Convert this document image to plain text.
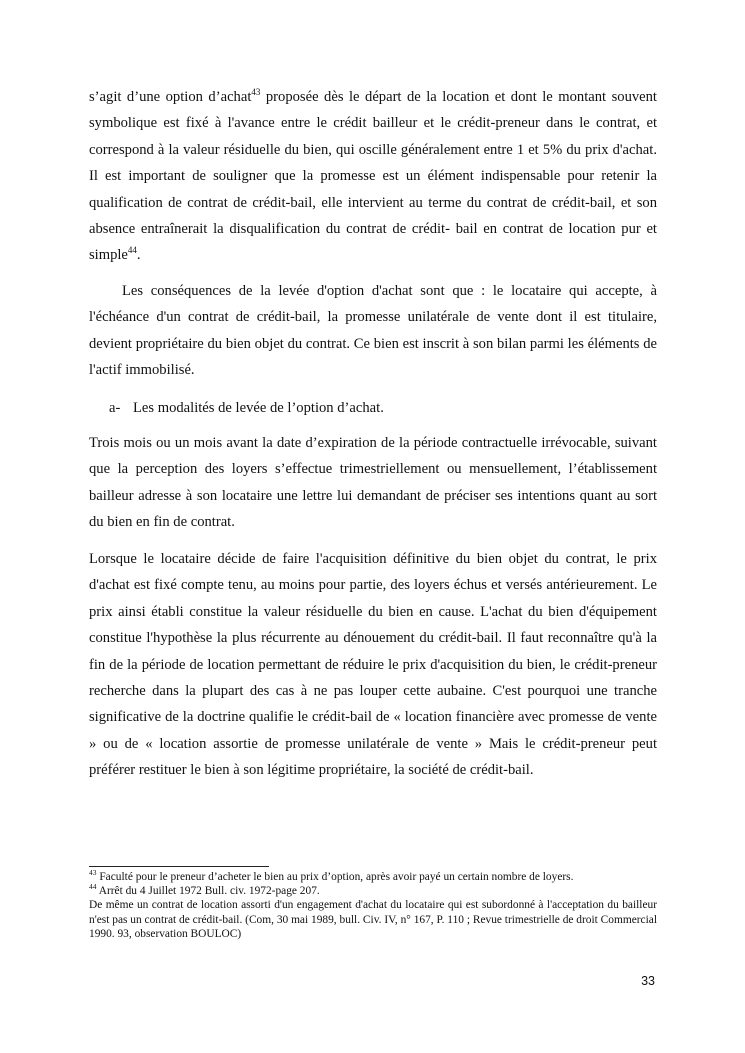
s’agit d’une option d’achat$^{43}$ proposée dès le départ de la location et dont le montant souvent symbolique est fixé à l'avance entre le crédit bailleur et le crédit-preneur dans le contrat, et correspond à la valeur résiduelle du bien, qui oscille généralement entre 1 et 5% du prix d'achat. Il est important de souligner que la promesse est un élément indispensable pour retenir la qualification de contrat de crédit-bail, elle intervient au terme du contrat de crédit-bail, et son absence entraînerait la disqualification du contrat de crédit- bail en contrat de location pur et simple$^{44}$.

Les conséquences de la levée d'option d'achat sont que : le locataire qui accepte, à l'échéance d'un contrat de crédit-bail, la promesse unilatérale de vente dont il est titulaire, devient propriétaire du bien objet du contrat. Ce bien est inscrit à son bilan parmi les éléments de l'actif immobilisé.

a- Les modalités de levée de l’option d’achat.

Trois mois ou un mois avant la date d’expiration de la période contractuelle irrévocable, suivant que la perception des loyers s’effectue trimestriellement ou mensuellement, l’établissement bailleur adresse à son locataire une lettre lui demandant de préciser ses intentions quant au sort du bien en fin de contrat.

Lorsque le locataire décide de faire l'acquisition définitive du bien objet du contrat, le prix d'achat est fixé compte tenu, au moins pour partie, des loyers échus et versés antérieurement. Le prix ainsi établi constitue la valeur résiduelle du bien en cause. L'achat du bien d'équipement constitue l'hypothèse la plus récurrente au dénouement du crédit-bail. Il faut reconnaître qu'à la fin de la période de location permettant de réduire le prix d'acquisition du bien, le crédit-preneur recherche dans la plupart des cas à ne pas louper cette aubaine. C'est pourquoi une tranche significative de la doctrine qualifie le crédit-bail de « location financière avec promesse de vente » ou de « location assortie de promesse unilatérale de vente » Mais le crédit-preneur peut préférer restituer le bien à son légitime propriétaire, la société de crédit-bail.

$^{43}$ Faculté pour le preneur d’acheter le bien au prix d’option, après avoir payé un certain nombre de loyers.

$^{44}$ Arrêt du 4 Juillet 1972 Bull. civ. 1972-page 207.

De même un contrat de location assorti d'un engagement d'achat du locataire qui est subordonné à l'acceptation du bailleur n'est pas un contrat de crédit-bail. (Com, 30 mai 1989, bull. Civ. IV, n° 167, P. 110 ; Revue trimestrielle de droit Commercial 1990. 93, observation BOULOC)

33
